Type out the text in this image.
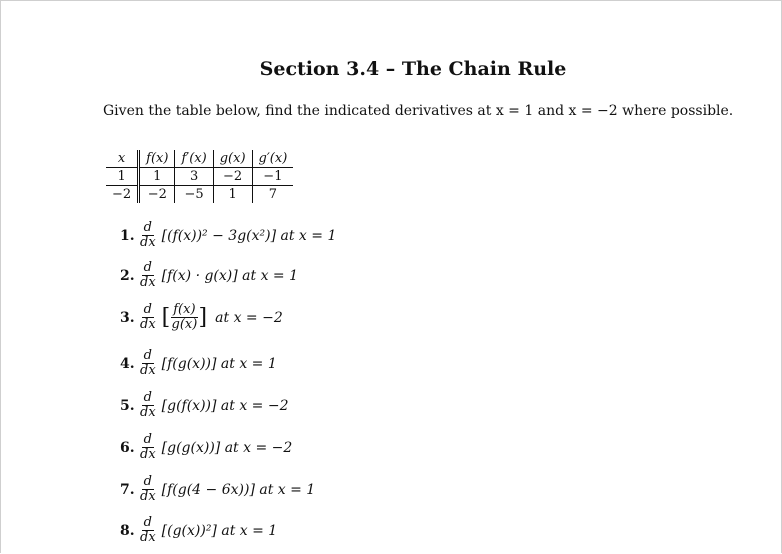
Section 3.4 – The Chain Rule
Given the table below, find the indicated derivatives at x = 1 and x = −2 where possible.
x	f(x)	f′(x)	g(x)	g′(x)
1	1	3	−2	−1
−2	−2	−5	1	7
1. $\frac{d}{dx} [(f(x))^2 - 3g(x^2)]$ at x = 1
2. $\frac{d}{dx} [f(x) \cdot g(x)]$ at x = 1
3. $\frac{d}{dx}$ [ $\frac{f(x)}{g(x)}$ ] at x = −2
4. $\frac{d}{dx} [f(g(x))]$ at x = 1
5. $\frac{d}{dx} [g(f(x))]$ at x = −2
6. $\frac{d}{dx} [g(g(x))]$ at x = −2
7. $\frac{d}{dx} [f(g(4 - 6x))]$ at x = 1
8. $\frac{d}{dx} [(g(x))^2]$ at x = 1
